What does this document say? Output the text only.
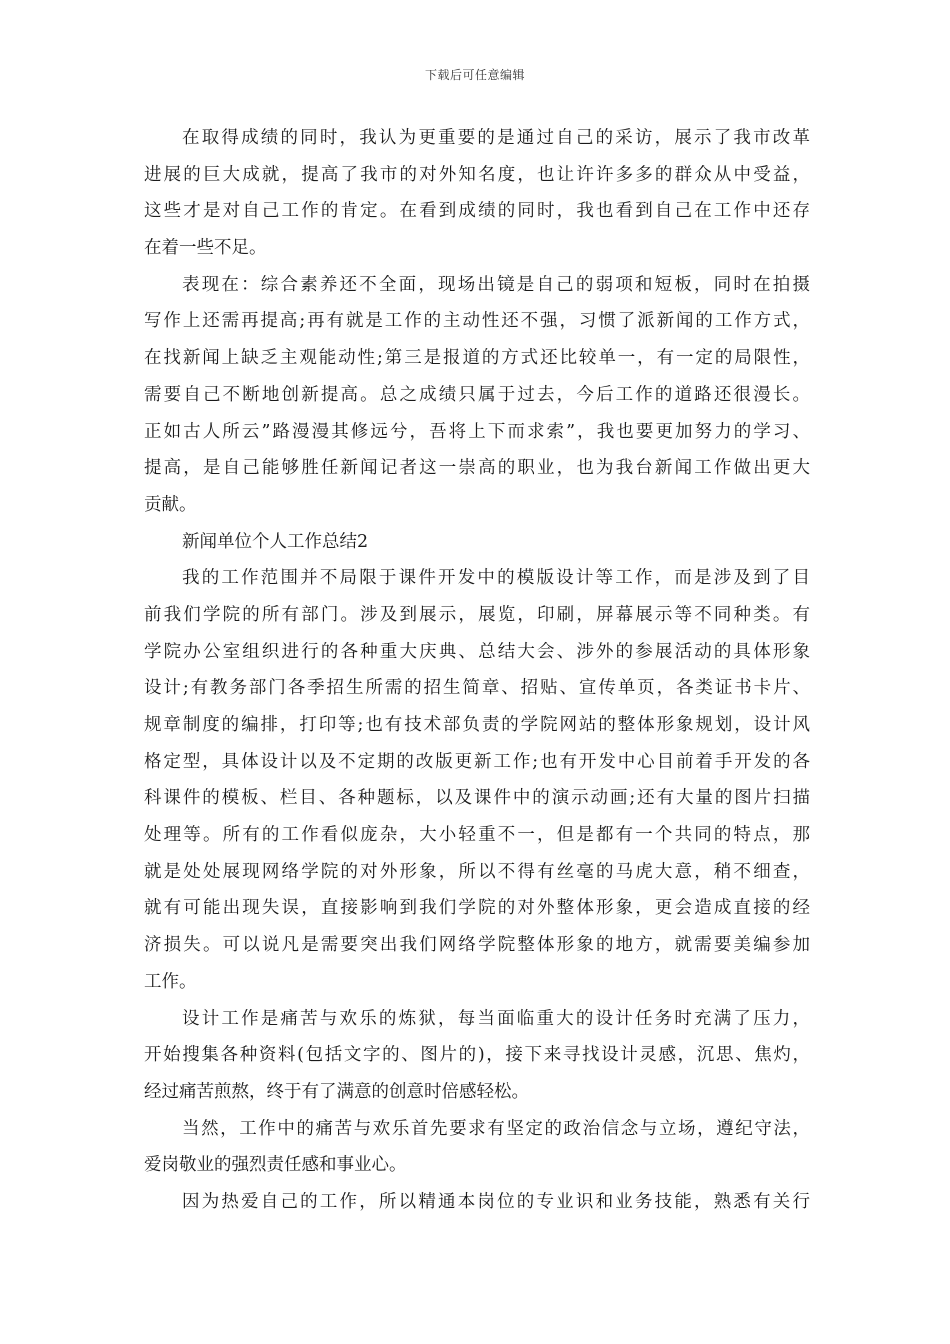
下载后可任意编辑
在取得成绩的同时，我认为更重要的是通过自己的采访，展示了我市改革
进展的巨大成就，提高了我市的对外知名度，也让许许多多的群众从中受益，
这些才是对自己工作的肯定。在看到成绩的同时，我也看到自己在工作中还存
在着一些不足。
表现在：综合素养还不全面，现场出镜是自己的弱项和短板，同时在拍摄
写作上还需再提高;再有就是工作的主动性还不强，习惯了派新闻的工作方式，
在找新闻上缺乏主观能动性;第三是报道的方式还比较单一，有一定的局限性，
需要自己不断地创新提高。总之成绩只属于过去，今后工作的道路还很漫长。
正如古人所云”路漫漫其修远兮，吾将上下而求索”，我也要更加努力的学习、
提高，是自己能够胜任新闻记者这一崇高的职业，也为我台新闻工作做出更大
贡献。
新闻单位个人工作总结2
我的工作范围并不局限于课件开发中的模版设计等工作，而是涉及到了目
前我们学院的所有部门。涉及到展示，展览，印刷，屏幕展示等不同种类。有
学院办公室组织进行的各种重大庆典、总结大会、涉外的参展活动的具体形象
设计;有教务部门各季招生所需的招生简章、招贴、宣传单页，各类证书卡片、
规章制度的编排，打印等;也有技术部负责的学院网站的整体形象规划，设计风
格定型，具体设计以及不定期的改版更新工作;也有开发中心目前着手开发的各
科课件的模板、栏目、各种题标，以及课件中的演示动画;还有大量的图片扫描
处理等。所有的工作看似庞杂，大小轻重不一，但是都有一个共同的特点，那
就是处处展现网络学院的对外形象，所以不得有丝毫的马虎大意，稍不细查，
就有可能出现失误，直接影响到我们学院的对外整体形象，更会造成直接的经
济损失。可以说凡是需要突出我们网络学院整体形象的地方，就需要美编参加
工作。
设计工作是痛苦与欢乐的炼狱，每当面临重大的设计任务时充满了压力，
开始搜集各种资料(包括文字的、图片的)，接下来寻找设计灵感，沉思、焦灼，
经过痛苦煎熬，终于有了满意的创意时倍感轻松。
当然，工作中的痛苦与欢乐首先要求有坚定的政治信念与立场，遵纪守法，
爱岗敬业的强烈责任感和事业心。
因为热爱自己的工作，所以精通本岗位的专业识和业务技能，熟悉有关行
